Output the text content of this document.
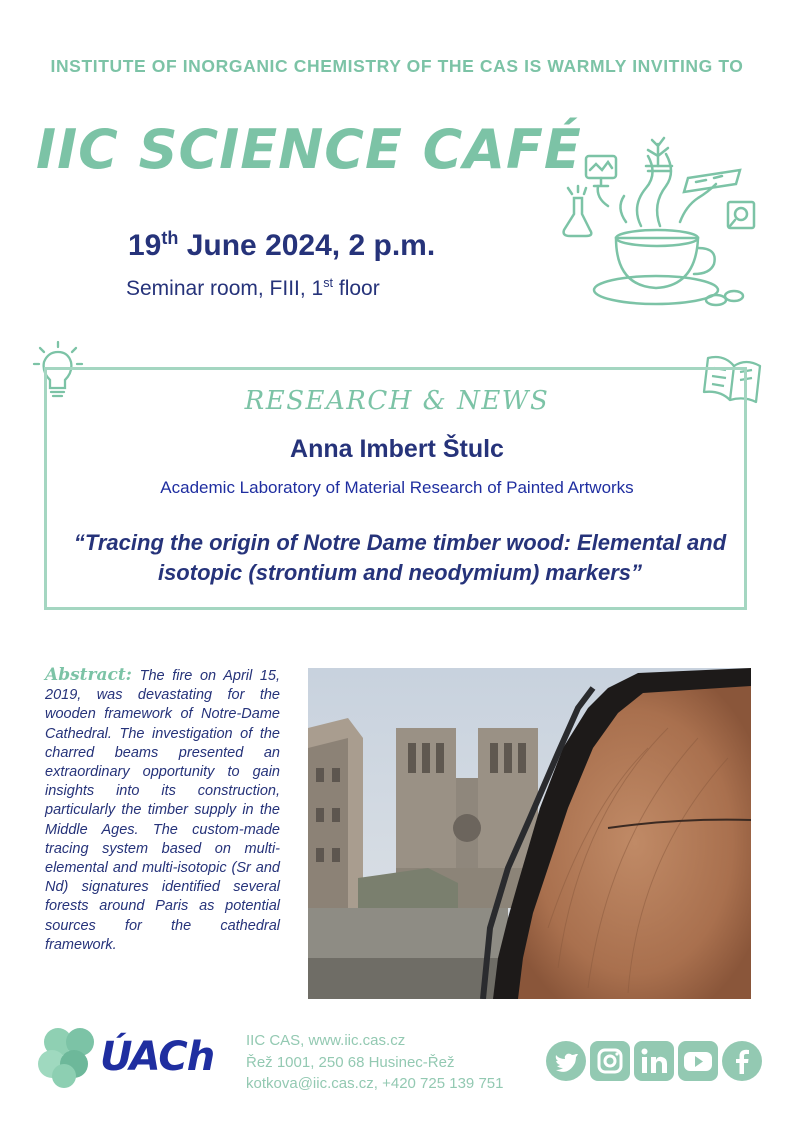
INSTITUTE OF INORGANIC CHEMISTRY OF THE CAS IS WARMLY INVITING TO
IIC SCIENCE CAFÉ
19th June 2024, 2 p.m.
Seminar room, FIII, 1st floor
RESEARCH & NEWS
Anna Imbert Štulc
Academic Laboratory of Material Research of Painted Artworks
“Tracing the origin of Notre Dame timber wood: Elemental and isotopic (strontium and neodymium) markers”
Abstract: The fire on April 15, 2019, was devastating for the wooden framework of Notre-Dame Cathedral. The investigation of the charred beams presented an extraordinary opportunity to gain insights into its construction, particularly the timber supply in the Middle Ages. The custom-made tracing system based on multi-elemental and multi-isotopic (Sr and Nd) signatures identified several forests around Paris as potential sources for the cathedral framework.
ÚACh IIC CAS, www.iic.cas.cz
Řež 1001, 250 68 Husinec-Řež
kotkova@iic.cas.cz, +420 725 139 751
